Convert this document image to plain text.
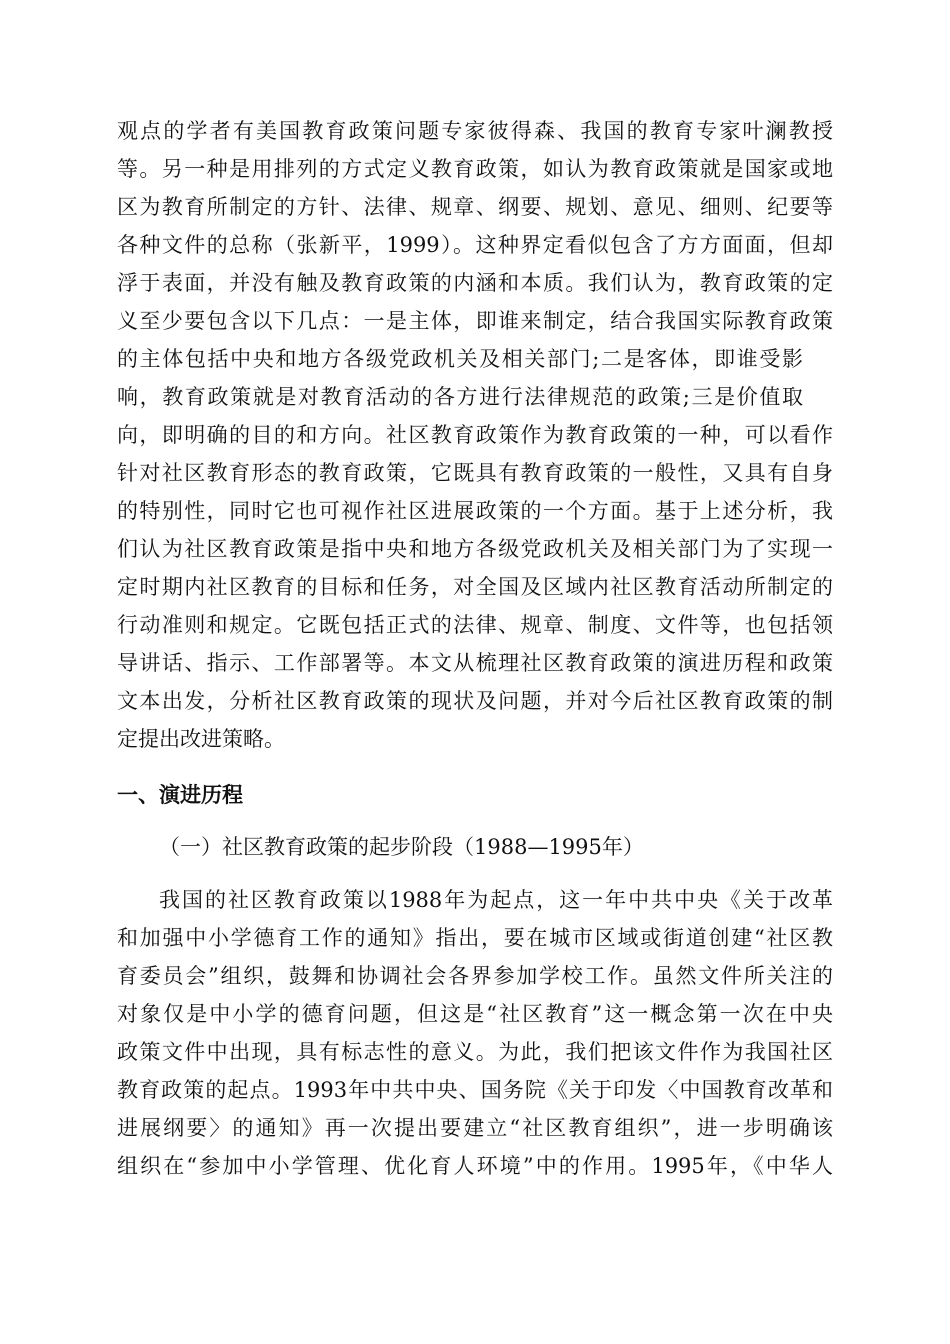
观点的学者有美国教育政策问题专家彼得森、我国的教育专家叶澜教授
等。另一种是用排列的方式定义教育政策，如认为教育政策就是国家或地
区为教育所制定的方针、法律、规章、纲要、规划、意见、细则、纪要等
各种文件的总称（张新平，1999）。这种界定看似包含了方方面面，但却
浮于表面，并没有触及教育政策的内涵和本质。我们认为，教育政策的定
义至少要包含以下几点：一是主体，即谁来制定，结合我国实际教育政策
的主体包括中央和地方各级党政机关及相关部门;二是客体，即谁受影
响，教育政策就是对教育活动的各方进行法律规范的政策;三是价值取
向，即明确的目的和方向。社区教育政策作为教育政策的一种，可以看作
针对社区教育形态的教育政策，它既具有教育政策的一般性，又具有自身
的特别性，同时它也可视作社区进展政策的一个方面。基于上述分析，我
们认为社区教育政策是指中央和地方各级党政机关及相关部门为了实现一
定时期内社区教育的目标和任务，对全国及区域内社区教育活动所制定的
行动准则和规定。它既包括正式的法律、规章、制度、文件等，也包括领
导讲话、指示、工作部署等。本文从梳理社区教育政策的演进历程和政策
文本出发，分析社区教育政策的现状及问题，并对今后社区教育政策的制
定提出改进策略。
一、演进历程
（一）社区教育政策的起步阶段（1988—1995年）
我国的社区教育政策以1988年为起点，这一年中共中央《关于改革
和加强中小学德育工作的通知》指出，要在城市区域或街道创建“社区教
育委员会”组织，鼓舞和协调社会各界参加学校工作。虽然文件所关注的
对象仅是中小学的德育问题，但这是“社区教育”这一概念第一次在中央
政策文件中出现，具有标志性的意义。为此，我们把该文件作为我国社区
教育政策的起点。1993年中共中央、国务院《关于印发〈中国教育改革和
进展纲要〉的通知》再一次提出要建立“社区教育组织”，进一步明确该
组织在“参加中小学管理、优化育人环境”中的作用。1995年，《中华人
